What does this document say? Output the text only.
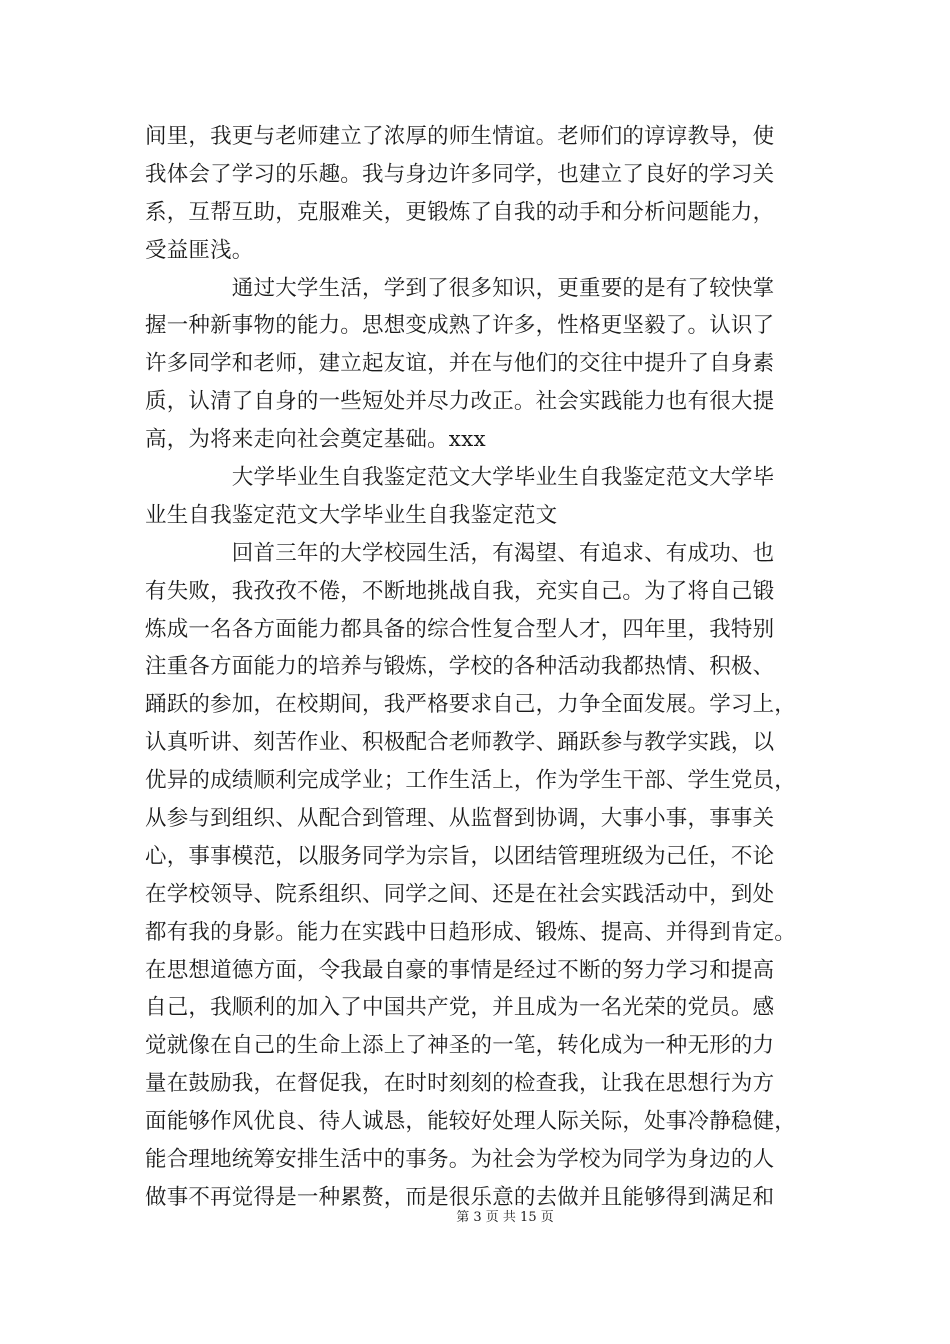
间里，我更与老师建立了浓厚的师生情谊。老师们的谆谆教导，使
我体会了学习的乐趣。我与身边许多同学，也建立了良好的学习关
系，互帮互助，克服难关，更锻炼了自我的动手和分析问题能力，
受益匪浅。
　　　　通过大学生活，学到了很多知识，更重要的是有了较快掌
握一种新事物的能力。思想变成熟了许多，性格更坚毅了。认识了
许多同学和老师，建立起友谊，并在与他们的交往中提升了自身素
质，认清了自身的一些短处并尽力改正。社会实践能力也有很大提
高，为将来走向社会奠定基础。xxx
　　　　大学毕业生自我鉴定范文大学毕业生自我鉴定范文大学毕
业生自我鉴定范文大学毕业生自我鉴定范文
　　　　回首三年的大学校园生活，有渴望、有追求、有成功、也
有失败，我孜孜不倦，不断地挑战自我，充实自己。为了将自己锻
炼成一名各方面能力都具备的综合性复合型人才，四年里，我特别
注重各方面能力的培养与锻炼，学校的各种活动我都热情、积极、
踊跃的参加，在校期间，我严格要求自己，力争全面发展。学习上，
认真听讲、刻苦作业、积极配合老师教学、踊跃参与教学实践，以
优异的成绩顺利完成学业；工作生活上，作为学生干部、学生党员，
从参与到组织、从配合到管理、从监督到协调，大事小事，事事关
心，事事模范，以服务同学为宗旨，以团结管理班级为己任，不论
在学校领导、院系组织、同学之间、还是在社会实践活动中，到处
都有我的身影。能力在实践中日趋形成、锻炼、提高、并得到肯定。
在思想道德方面，令我最自豪的事情是经过不断的努力学习和提高
自己，我顺利的加入了中国共产党，并且成为一名光荣的党员。感
觉就像在自己的生命上添上了神圣的一笔，转化成为一种无形的力
量在鼓励我，在督促我，在时时刻刻的检查我，让我在思想行为方
面能够作风优良、待人诚恳，能较好处理人际关际，处事冷静稳健，
能合理地统筹安排生活中的事务。为社会为学校为同学为身边的人
做事不再觉得是一种累赘，而是很乐意的去做并且能够得到满足和
第 3 页 共 15 页
